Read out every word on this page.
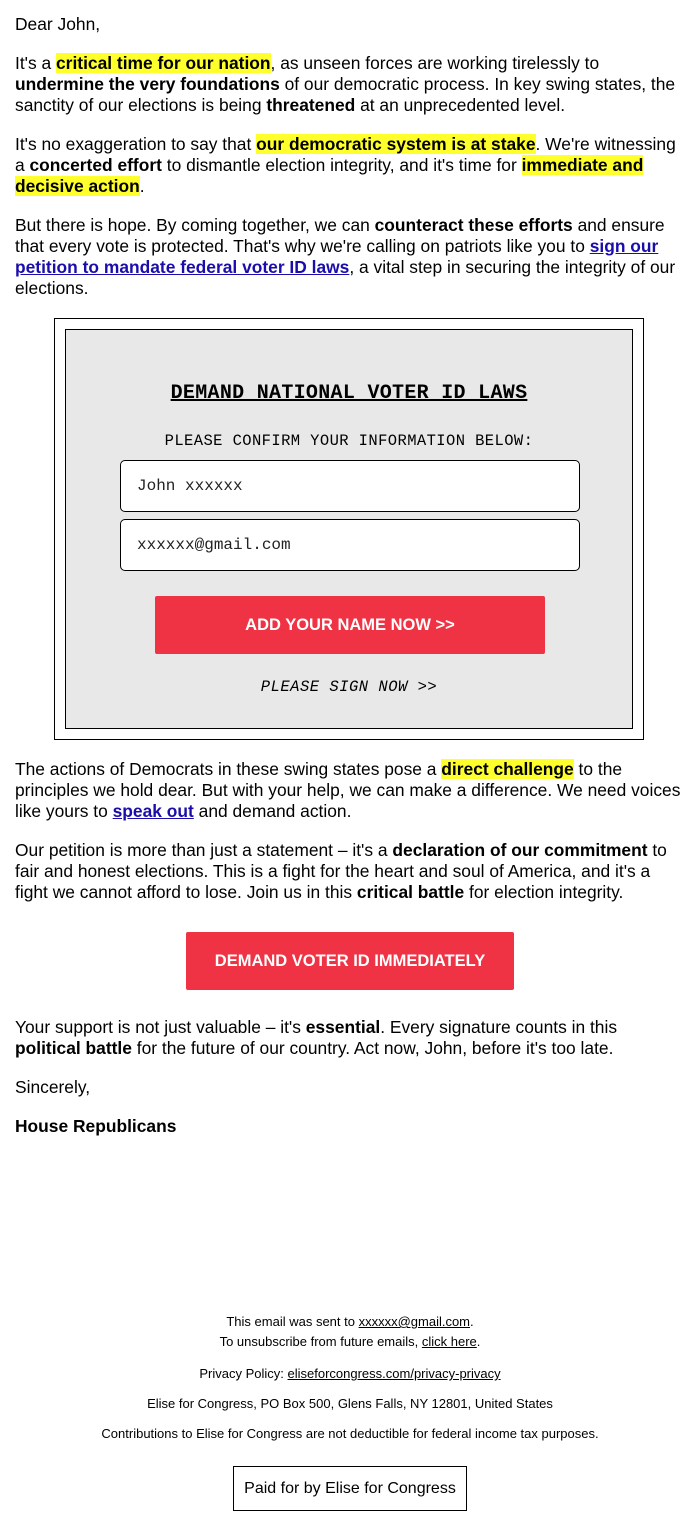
Dear John,

It's a critical time for our nation, as unseen forces are working tirelessly to undermine the very foundations of our democratic process. In key swing states, the sanctity of our elections is being threatened at an unprecedented level.

It's no exaggeration to say that our democratic system is at stake. We're witnessing a concerted effort to dismantle election integrity, and it's time for immediate and decisive action.

But there is hope. By coming together, we can counteract these efforts and ensure that every vote is protected. That's why we're calling on patriots like you to sign our petition to mandate federal voter ID laws, a vital step in securing the integrity of our elections.

The actions of Democrats in these swing states pose a direct challenge to the principles we hold dear. But with your help, we can make a difference. We need voices like yours to speak out and demand action.

Our petition is more than just a statement – it's a declaration of our commitment to fair and honest elections. This is a fight for the heart and soul of America, and it's a fight we cannot afford to lose. Join us in this critical battle for election integrity.

Your support is not just valuable – it's essential. Every signature counts in this political battle for the future of our country. Act now, John, before it's too late.

Sincerely,

House Republicans

DEMAND NATIONAL VOTER ID LAWS
PLEASE CONFIRM YOUR INFORMATION BELOW:
John xxxxxx
xxxxxx@gmail.com
ADD YOUR NAME NOW >>
PLEASE SIGN NOW >>
DEMAND VOTER ID IMMEDIATELY
This email was sent to xxxxxx@gmail.com.
To unsubscribe from future emails, click here.
Privacy Policy: eliseforcongress.com/privacy-privacy
Elise for Congress, PO Box 500, Glens Falls, NY 12801, United States
Contributions to Elise for Congress are not deductible for federal income tax purposes.
Paid for by Elise for Congress
